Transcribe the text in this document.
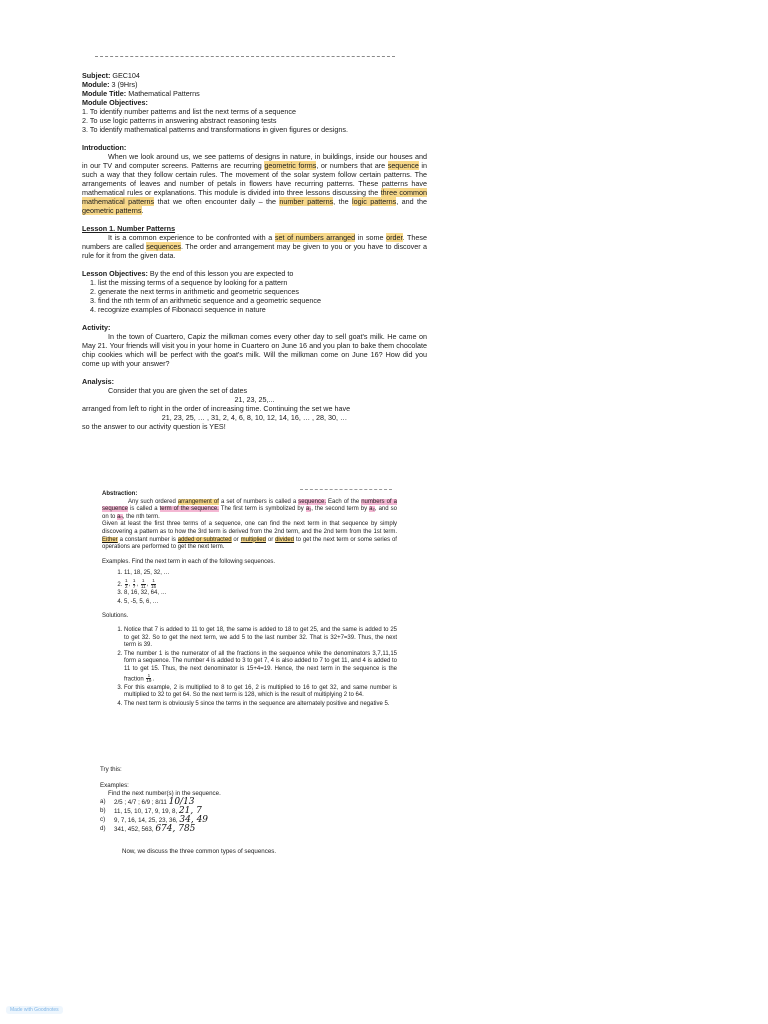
Subject: GEC104

Module: 3 (9Hrs)

Module Title: Mathematical Patterns

Module Objectives:

1. To identify number patterns and list the next terms of a sequence

2. To use logic patterns in answering abstract reasoning tests

3. To identify mathematical patterns and transformations in given figures or designs.

Introduction:

When we look around us, we see patterns of designs in nature, in buildings, inside our houses and in our TV and computer screens. Patterns are recurring geometric forms, or numbers that are sequence in such a way that they follow certain rules. The movement of the solar system follow certain patterns. The arrangements of leaves and number of petals in flowers have recurring patterns. These patterns have mathematical rules or explanations. This module is divided into three lessons discussing the three common mathematical patterns that we often encounter daily – the number patterns, the logic patterns, and the geometric patterns.

Lesson 1. Number Patterns

It is a common experience to be confronted with a set of numbers arranged in some order. These numbers are called sequences. The order and arrangement may be given to you or you have to discover a rule for it from the given data.

Lesson Objectives: By the end of this lesson you are expected to

1. list the missing terms of a sequence by looking for a pattern
2. generate the next terms in arithmetic and geometric sequences
3. find the nth term of an arithmetic sequence and a geometric sequence
4. recognize examples of Fibonacci sequence in nature

Activity:

In the town of Cuartero, Capiz the milkman comes every other day to sell goat's milk. He came on May 21. Your friends will visit you in your home in Cuartero on June 16 and you plan to bake them chocolate chip cookies which will be perfect with the goat's milk. Will the milkman come on June 16? How did you come up with your answer?

Analysis:

Consider that you are given the set of dates

21, 23, 25,...

arranged from left to right in the order of increasing time. Continuing the set we have

21, 23, 25, … , 31, 2, 4, 6, 8, 10, 12, 14, 16, … , 28, 30, …

so the answer to our activity question is YES!

Abstraction:

Any such ordered arrangement of a set of numbers is called a sequence. Each of the numbers of a sequence is called a term of the sequence. The first term is symbolized by a₁, the second term by a₂, and so on to aₙ, the nth term.

Given at least the first three terms of a sequence, one can find the next term in that sequence by simply discovering a pattern as to how the 3rd term is derived from the 2nd term, and the 2nd term from the 1st term. Either a constant number is added or subtracted or multiplied or divided to get the next term or some series of operations are performed to get the next term.

Examples. Find the next term in each of the following sequences.

1. 11, 18, 25, 32, …
2. $\frac{1}{2}$ , $\frac{1}{7}$ , $\frac{1}{11}$ , $\frac{1}{15}$
3. 8, 16, 32, 64, …
4. 5, -5, 5, 6, …

Solutions.

1. Notice that 7 is added to 11 to get 18, the same is added to 18 to get 25, and the same is added to 25 to get 32. So to get the next term, we add 5 to the last number 32. That is 32+7=39. Thus, the next term is 39.
2. The number 1 is the numerator of all the fractions in the sequence while the denominators 3,7,11,15 form a sequence. The number 4 is added to 3 to get 7, 4 is also added to 7 to get 11, and 4 is added to 11 to get 15. Thus, the next denominator is 15+4=19. Hence, the next term in the sequence is the fraction $\frac{1}{19}$ .
3. For this example, 2 is multiplied to 8 to get 16, 2 is multiplied to 16 to get 32, and same number is multiplied to 32 to get 64. So the next term is 128, which is the result of multiplying 2 to 64.
4. The next term is obviously 5 since the terms in the sequence are alternately positive and negative 5.

Try this:

Examples:

Find the next number(s) in the sequence.

a) 2/5 ; 4/7 ; 6/9 ; 8/11 10/13
b) 11, 15, 10, 17, 9, 19, 8, 21, 7
c) 9, 7, 16, 14, 25, 23, 36, 34, 49
d) 341, 452, 563, 674, 785

Now, we discuss the three common types of sequences.

Made with Goodnotes
